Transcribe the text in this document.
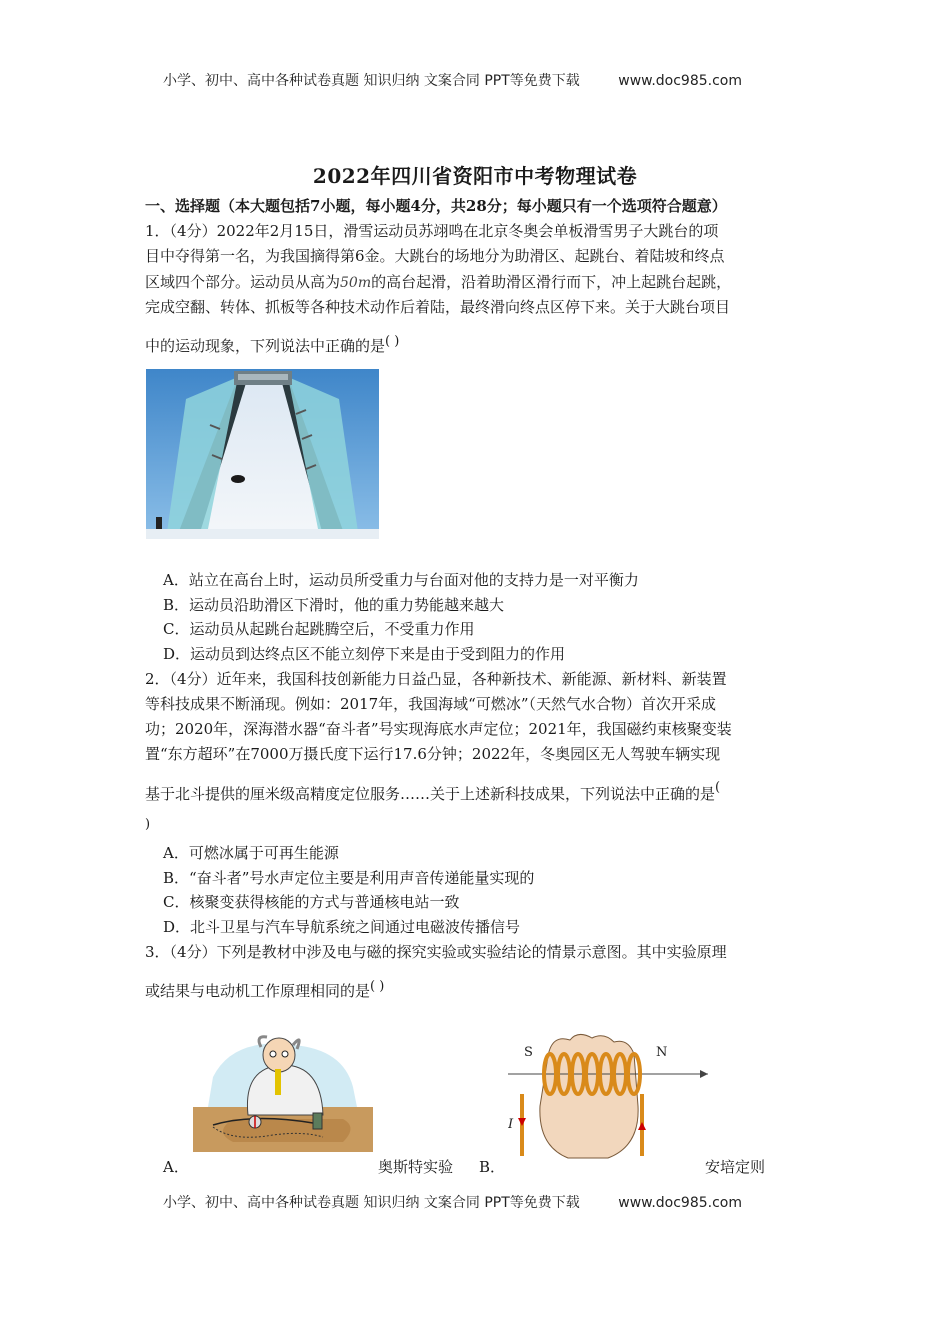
小学、初中、高中各种试卷真题 知识归纳 文案合同 PPT等免费下载	www.doc985.com
2022年四川省资阳市中考物理试卷
一、选择题（本大题包括7小题，每小题4分，共28分；每小题只有一个选项符合题意）
1．（4分）2022年2月15日，滑雪运动员苏翊鸣在北京冬奥会单板滑雪男子大跳台的项
目中夺得第一名，为我国摘得第6金。大跳台的场地分为助滑区、起跳台、着陆坡和终点
区域四个部分。运动员从高为50m的高台起滑，沿着助滑区滑行而下，冲上起跳台起跳，
完成空翻、转体、抓板等各种技术动作后着陆，最终滑向终点区停下来。关于大跳台项目
中的运动现象，下列说法中正确的是( )
A．站立在高台上时，运动员所受重力与台面对他的支持力是一对平衡力
B．运动员沿助滑区下滑时，他的重力势能越来越大
C．运动员从起跳台起跳腾空后，不受重力作用
D．运动员到达终点区不能立刻停下来是由于受到阻力的作用
2．（4分）近年来，我国科技创新能力日益凸显，各种新技术、新能源、新材料、新装置
等科技成果不断涌现。例如：2017年，我国海域“可燃冰”（天然气水合物）首次开采成
功；2020年，深海潜水器“奋斗者”号实现海底水声定位；2021年，我国磁约束核聚变装
置“东方超环”在7000万摄氏度下运行17.6分钟；2022年，冬奥园区无人驾驶车辆实现
基于北斗提供的厘米级高精度定位服务……关于上述新科技成果，下列说法中正确的是(
)
A．可燃冰属于可再生能源
B．“奋斗者”号水声定位主要是利用声音传递能量实现的
C．核聚变获得核能的方式与普通核电站一致
D．北斗卫星与汽车导航系统之间通过电磁波传播信号
3．（4分）下列是教材中涉及电与磁的探究实验或实验结论的情景示意图。其中实验原理
或结果与电动机工作原理相同的是( )
S	N
I
A．	奥斯特实验 B．	安培定则
小学、初中、高中各种试卷真题 知识归纳 文案合同 PPT等免费下载	www.doc985.com
